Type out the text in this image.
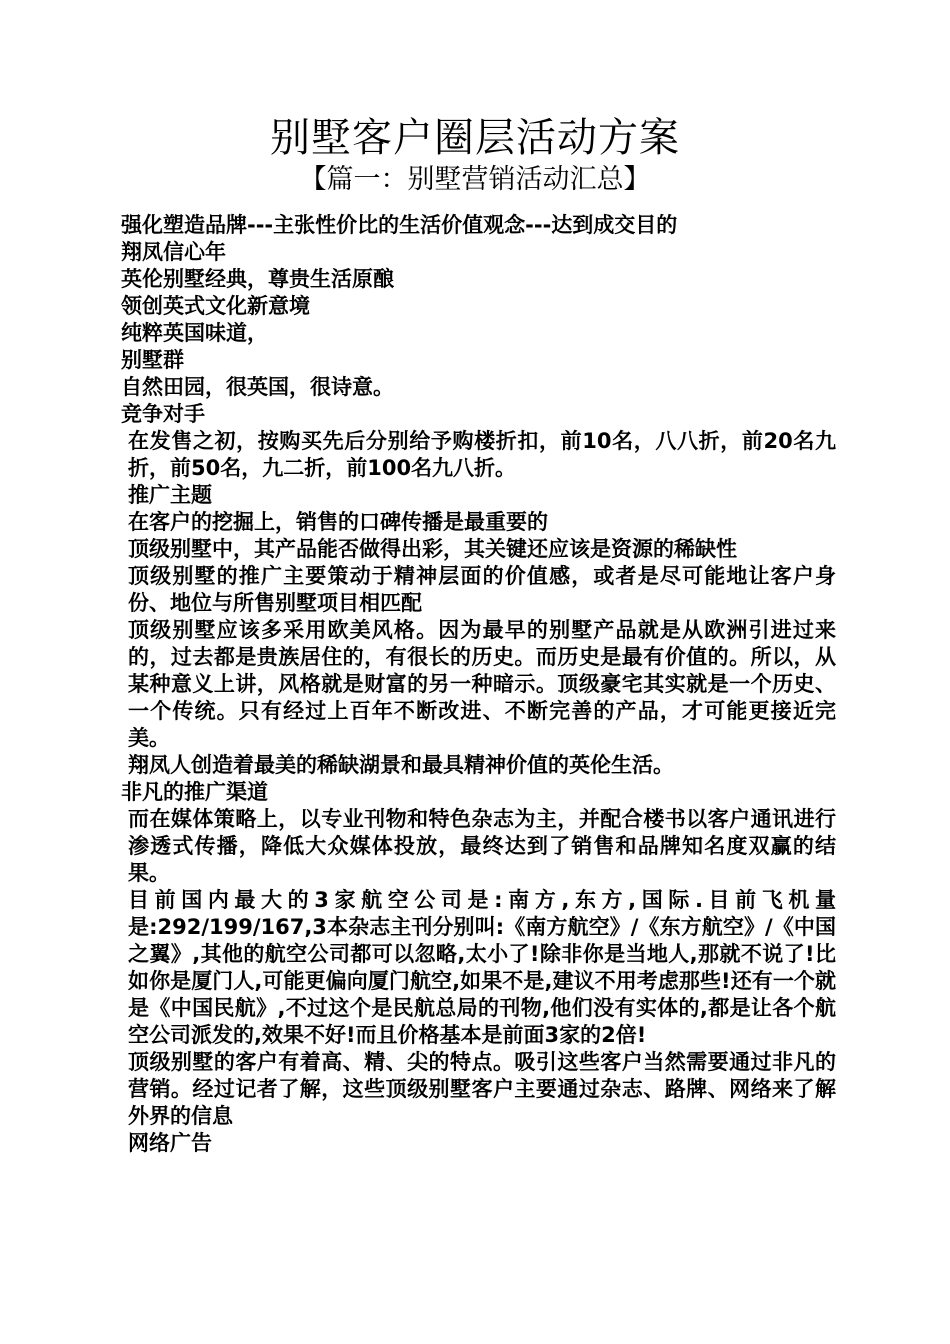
别墅客户圈层活动方案
【篇一：别墅营销活动汇总】

强化塑造品牌---主张性价比的生活价值观念---达到成交目的

翔凤信心年

英伦别墅经典，尊贵生活原酿

领创英式文化新意境

纯粹英国味道，

别墅群

自然田园，很英国，很诗意。

竞争对手

在发售之初，按购买先后分别给予购楼折扣，前10名，八八折，前20名九折，前50名，九二折，前100名九八折。

推广主题

在客户的挖掘上，销售的口碑传播是最重要的

顶级别墅中，其产品能否做得出彩，其关键还应该是资源的稀缺性

顶级别墅的推广主要策动于精神层面的价值感，或者是尽可能地让客户身份、地位与所售别墅项目相匹配

顶级别墅应该多采用欧美风格。因为最早的别墅产品就是从欧洲引进过来的，过去都是贵族居住的，有很长的历史。而历史是最有价值的。所以，从某种意义上讲，风格就是财富的另一种暗示。顶级豪宅其实就是一个历史、一个传统。只有经过上百年不断改进、不断完善的产品，才可能更接近完美。

翔凤人创造着最美的稀缺湖景和最具精神价值的英伦生活。

非凡的推广渠道

而在媒体策略上，以专业刊物和特色杂志为主，并配合楼书以客户通讯进行渗透式传播，降低大众媒体投放，最终达到了销售和品牌知名度双赢的结果。

目前国内最大的3家航空公司是:南方,东方,国际.目前飞机量是:292/199/167,3本杂志主刊分别叫:《南方航空》/《东方航空》/《中国之翼》,其他的航空公司都可以忽略,太小了!除非你是当地人,那就不说了!比如你是厦门人,可能更偏向厦门航空,如果不是,建议不用考虑那些!还有一个就是《中国民航》,不过这个是民航总局的刊物,他们没有实体的,都是让各个航空公司派发的,效果不好!而且价格基本是前面3家的2倍!

顶级别墅的客户有着高、精、尖的特点。吸引这些客户当然需要通过非凡的营销。经过记者了解，这些顶级别墅客户主要通过杂志、路牌、网络来了解外界的信息

网络广告
